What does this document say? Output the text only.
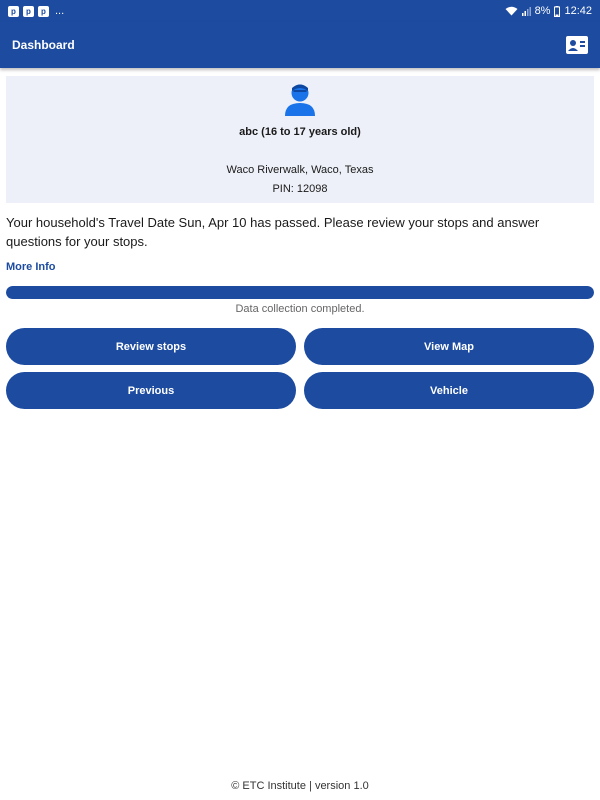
p	p	p ...	8% 12:42
Dashboard
abc (16 to 17 years old)
Waco Riverwalk, Waco, Texas
PIN: 12098

Your household's Travel Date Sun, Apr 10 has passed. Please review your stops and answer questions for your stops.

More Info
Data collection completed.
Review stops	View Map
Previous	Vehicle
© ETC Institute | version 1.0
